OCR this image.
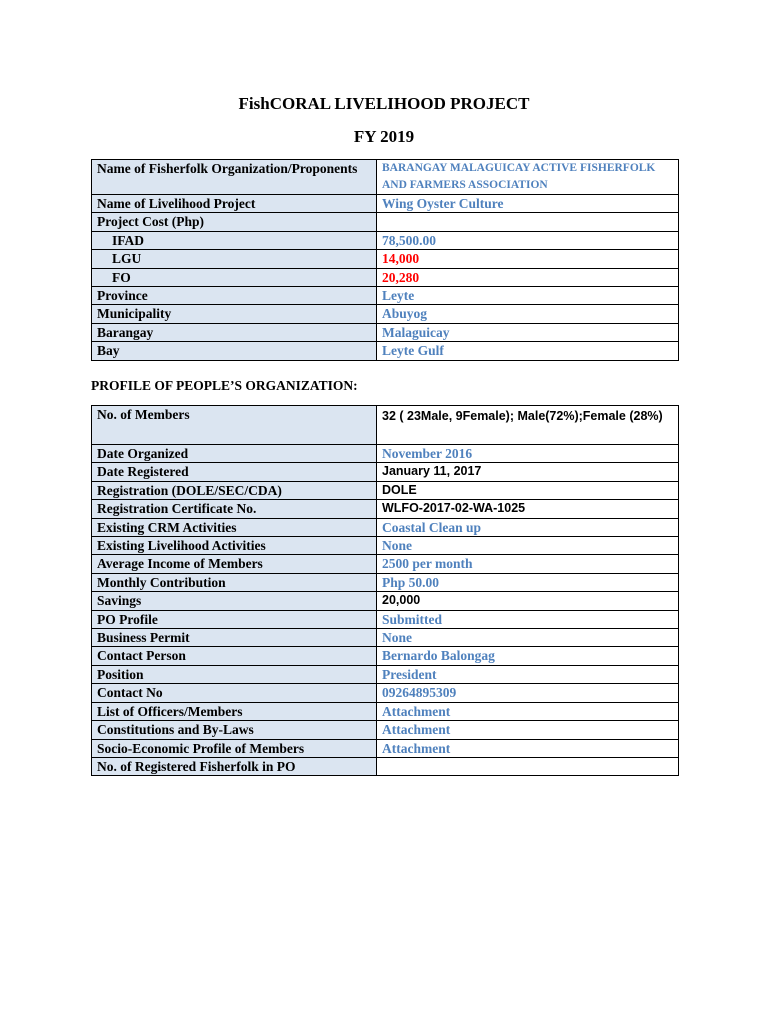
FishCORAL LIVELIHOOD PROJECT
FY 2019
Name of Fisherfolk Organization/Proponents	BARANGAY MALAGUICAY ACTIVE FISHERFOLK AND FARMERS ASSOCIATION
Name of Livelihood Project	Wing Oyster Culture
Project Cost (Php)	
IFAD	78,500.00
LGU	14,000
FO	20,280
Province	Leyte
Municipality	Abuyog
Barangay	Malaguicay
Bay	Leyte Gulf
PROFILE OF PEOPLE’S ORGANIZATION:
No. of Members	32 ( 23Male, 9Female); Male(72%);Female (28%)
Date Organized	November 2016
Date Registered	January 11, 2017
Registration (DOLE/SEC/CDA)	DOLE
Registration Certificate No.	WLFO-2017-02-WA-1025
Existing CRM Activities	Coastal Clean up
Existing Livelihood Activities	None
Average Income of Members	2500 per month
Monthly Contribution	Php 50.00
Savings	20,000
PO Profile	Submitted
Business Permit	None
Contact Person	Bernardo Balongag
Position	President
Contact No	09264895309
List of Officers/Members	Attachment
Constitutions and By-Laws	Attachment
Socio-Economic Profile of Members	Attachment
No. of Registered Fisherfolk in PO	
